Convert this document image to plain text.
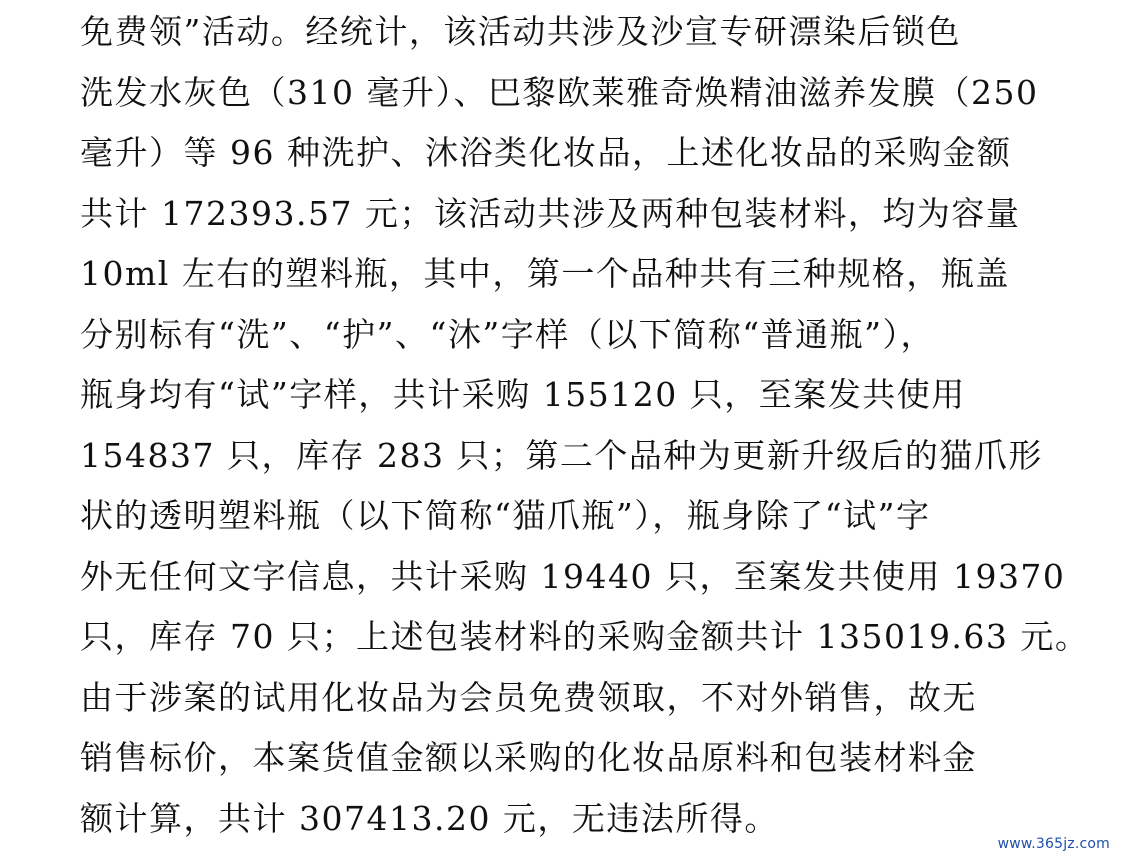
免费领”活动。经统计，该活动共涉及沙宣专研漂染后锁色
洗发水灰色（310 毫升）、巴黎欧莱雅奇焕精油滋养发膜（250
毫升）等 96 种洗护、沐浴类化妆品，上述化妆品的采购金额
共计 172393.57 元；该活动共涉及两种包装材料，均为容量
10ml 左右的塑料瓶，其中，第一个品种共有三种规格，瓶盖
分别标有“洗”、“护”、“沐”字样（以下简称“普通瓶”），
瓶身均有“试”字样，共计采购 155120 只，至案发共使用
154837 只，库存 283 只；第二个品种为更新升级后的猫爪形
状的透明塑料瓶（以下简称“猫爪瓶”），瓶身除了“试”字
外无任何文字信息，共计采购 19440 只，至案发共使用 19370
只，库存 70 只；上述包装材料的采购金额共计 135019.63 元。
由于涉案的试用化妆品为会员免费领取，不对外销售，故无
销售标价，本案货值金额以采购的化妆品原料和包装材料金
额计算，共计 307413.20 元，无违法所得。
www.365jz.com
